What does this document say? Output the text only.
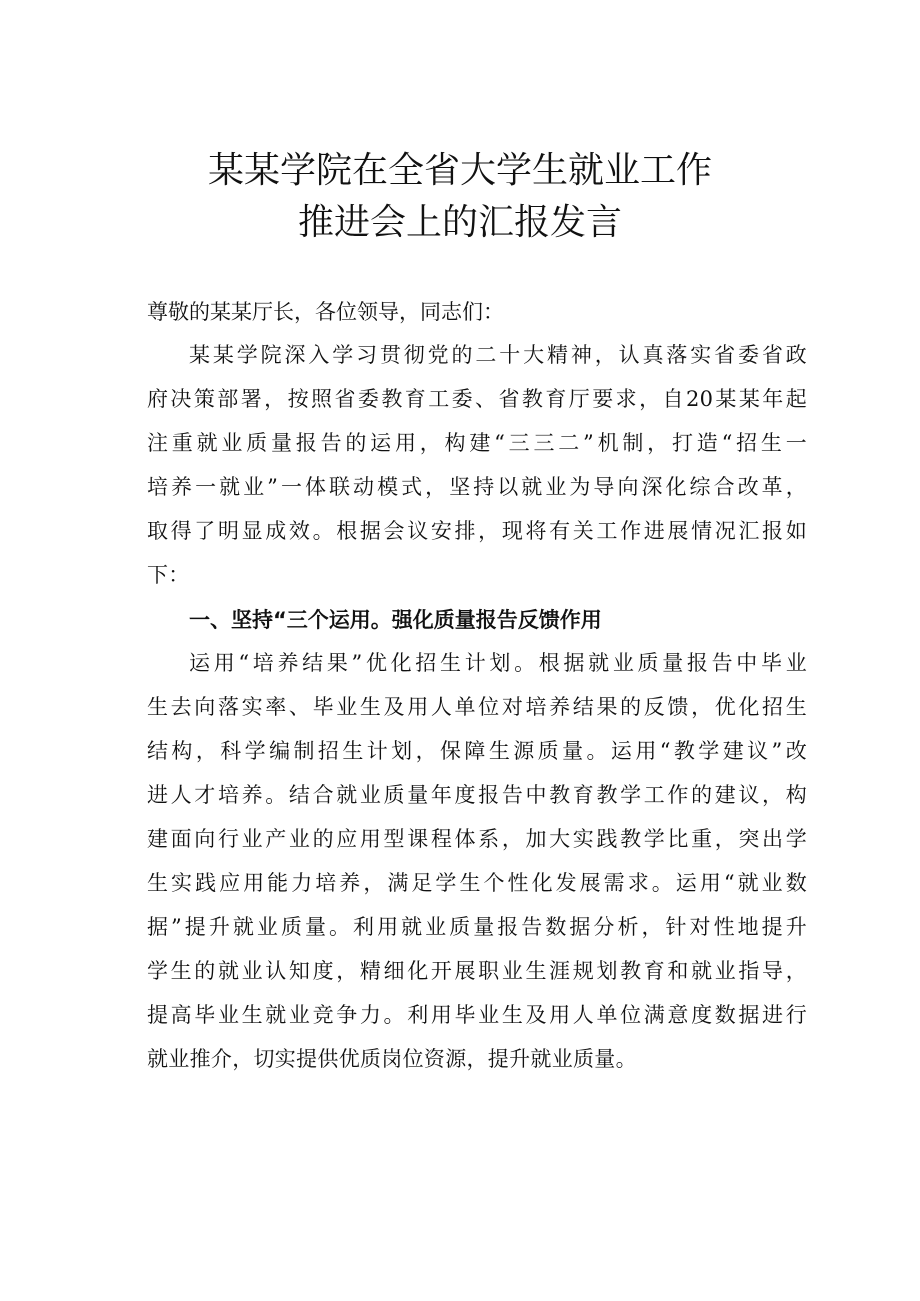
某某学院在全省大学生就业工作
推进会上的汇报发言
尊敬的某某厅长，各位领导，同志们：
某某学院深入学习贯彻党的二十大精神，认真落实省委省政
府决策部署，按照省委教育工委、省教育厅要求，自20某某年起
注重就业质量报告的运用，构建“三三二”机制，打造“招生一
培养一就业”一体联动模式，坚持以就业为导向深化综合改革，
取得了明显成效。根据会议安排，现将有关工作进展情况汇报如
下：
一、坚持“三个运用。强化质量报告反馈作用
运用“培养结果”优化招生计划。根据就业质量报告中毕业
生去向落实率、毕业生及用人单位对培养结果的反馈，优化招生
结构，科学编制招生计划，保障生源质量。运用“教学建议”改
进人才培养。结合就业质量年度报告中教育教学工作的建议，构
建面向行业产业的应用型课程体系，加大实践教学比重，突出学
生实践应用能力培养，满足学生个性化发展需求。运用“就业数
据”提升就业质量。利用就业质量报告数据分析，针对性地提升
学生的就业认知度，精细化开展职业生涯规划教育和就业指导，
提高毕业生就业竞争力。利用毕业生及用人单位满意度数据进行
就业推介，切实提供优质岗位资源，提升就业质量。
